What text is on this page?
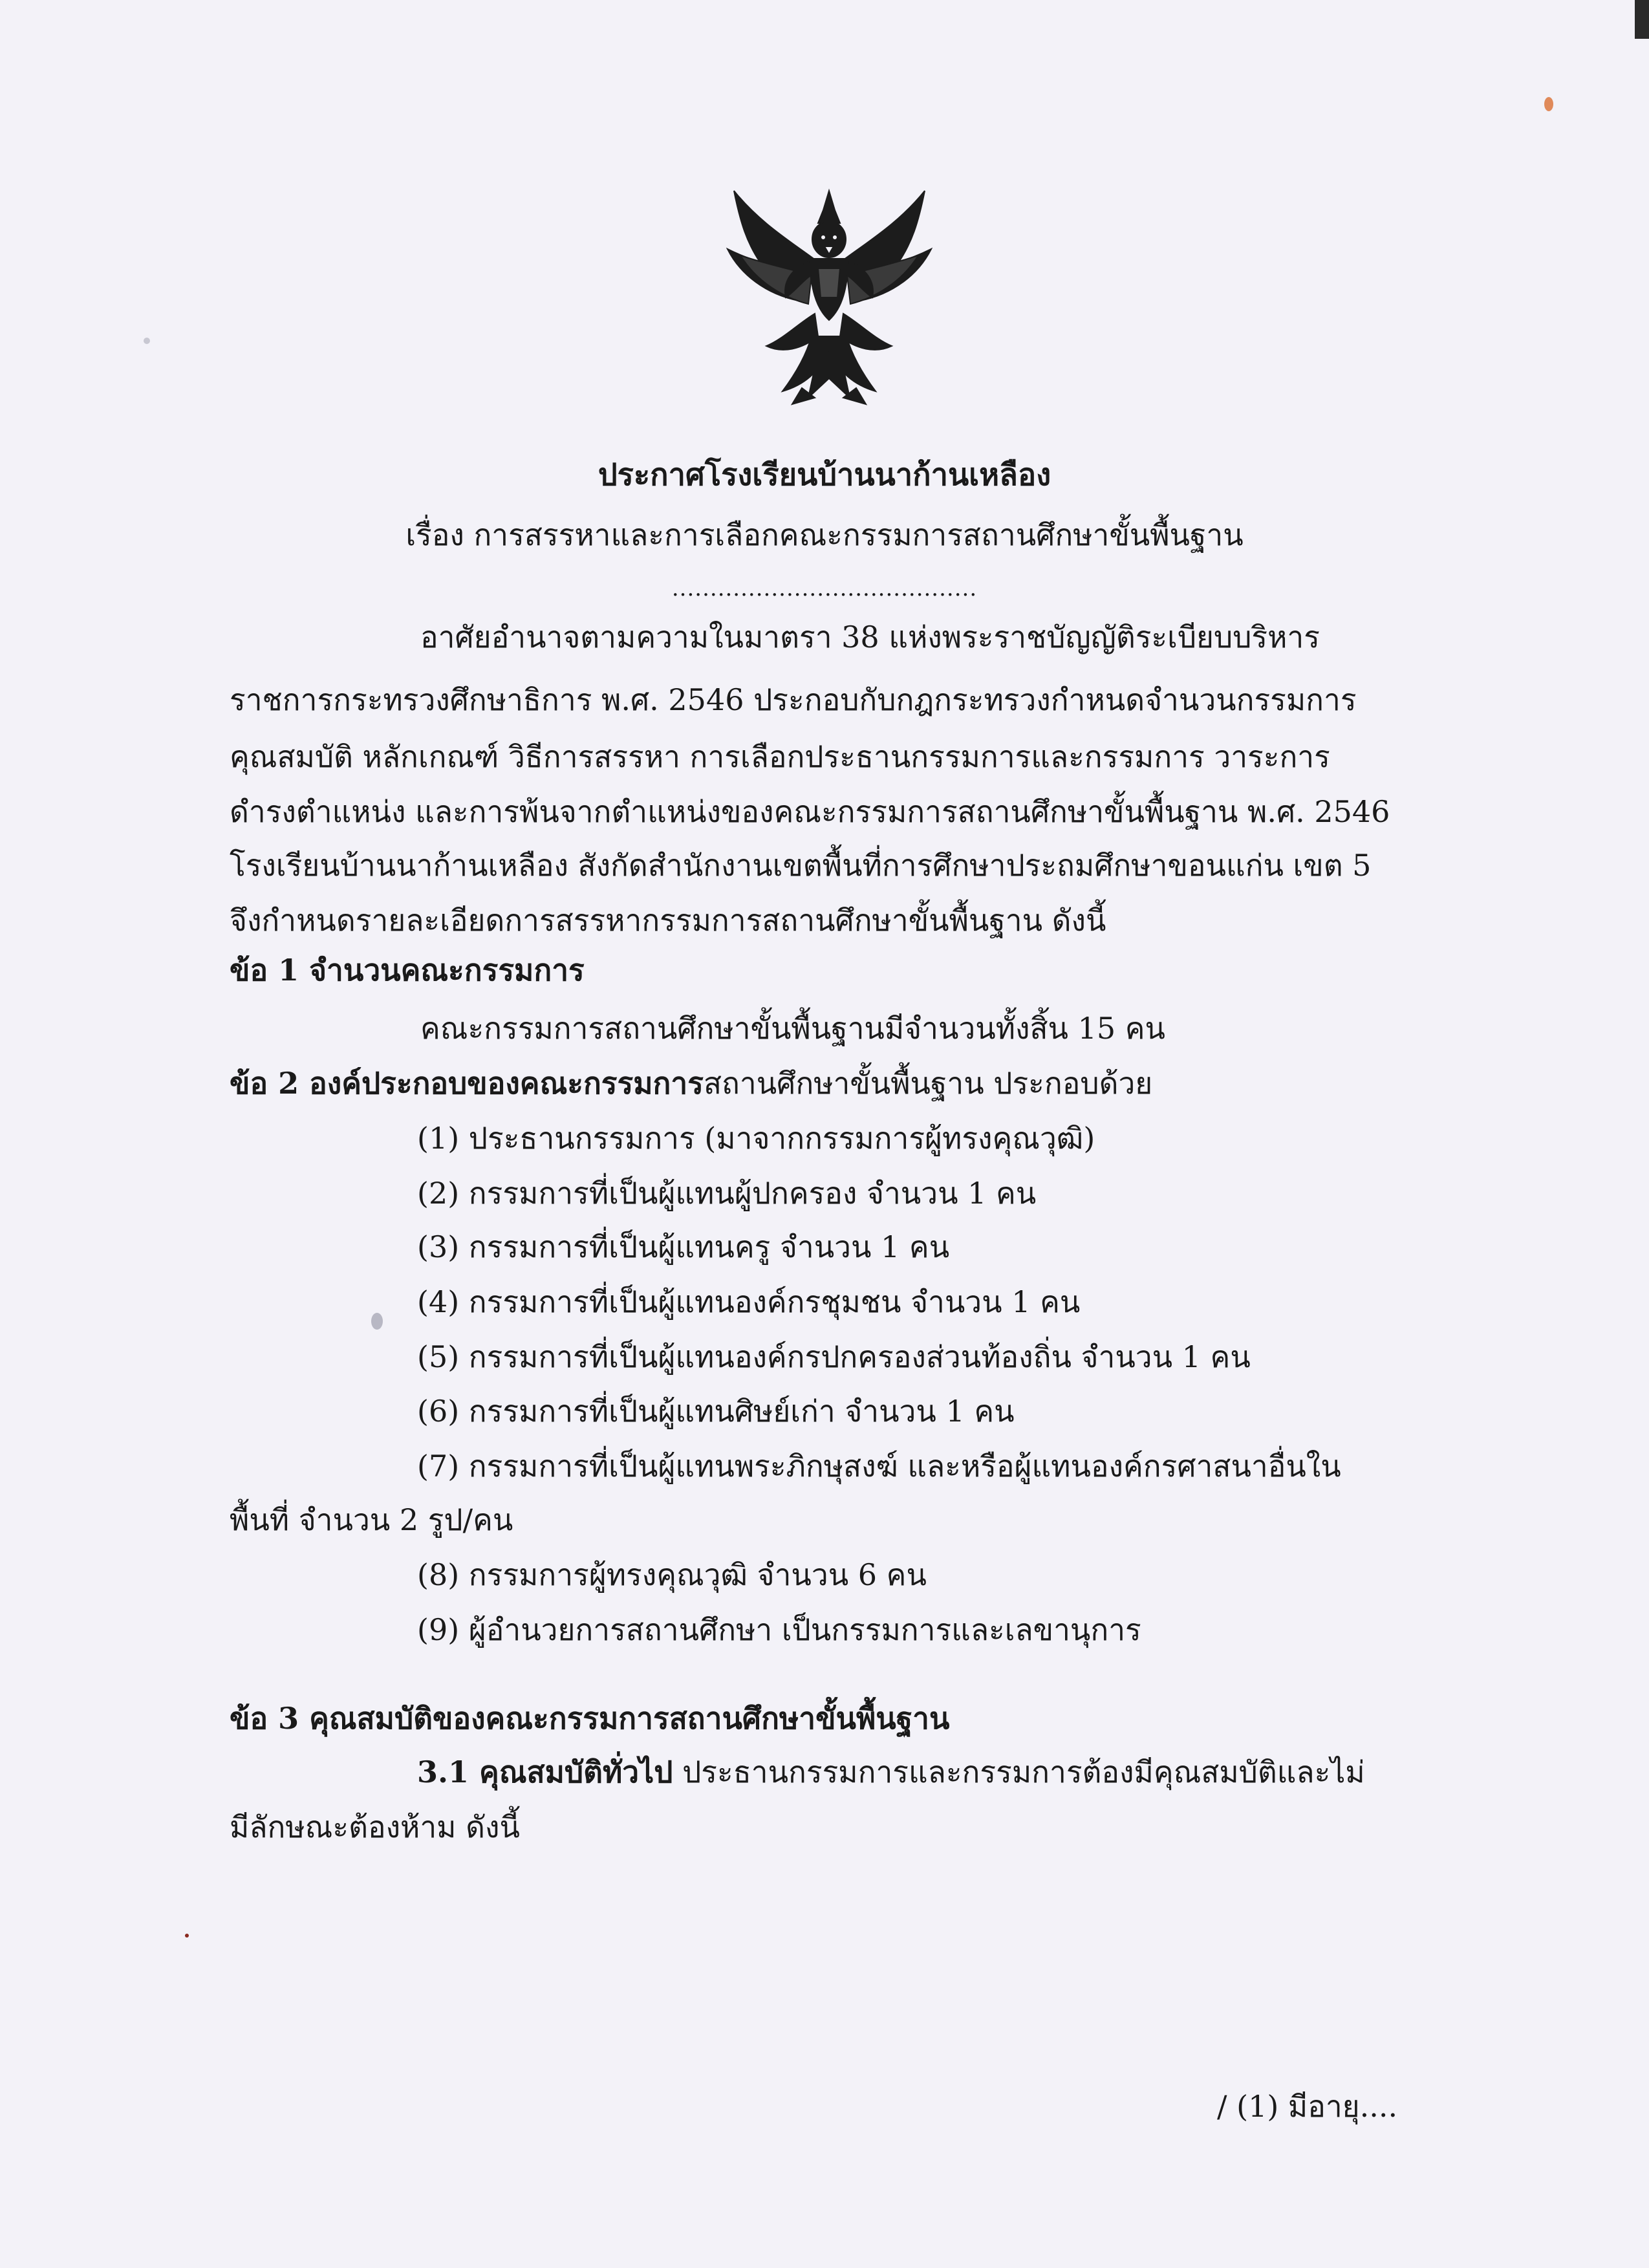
ประกาศโรงเรียนบ้านนาก้านเหลือง
เรื่อง การสรรหาและการเลือกคณะกรรมการสถานศึกษาขั้นพื้นฐาน
........................................
อาศัยอำนาจตามความในมาตรา 38 แห่งพระราชบัญญัติระเบียบบริหาร
ราชการกระทรวงศึกษาธิการ พ.ศ. 2546 ประกอบกับกฎกระทรวงกำหนดจำนวนกรรมการ
คุณสมบัติ หลักเกณฑ์ วิธีการสรรหา การเลือกประธานกรรมการและกรรมการ วาระการ
ดำรงตำแหน่ง และการพ้นจากตำแหน่งของคณะกรรมการสถานศึกษาขั้นพื้นฐาน พ.ศ. 2546
โรงเรียนบ้านนาก้านเหลือง สังกัดสำนักงานเขตพื้นที่การศึกษาประถมศึกษาขอนแก่น เขต 5
จึงกำหนดรายละเอียดการสรรหากรรมการสถานศึกษาขั้นพื้นฐาน ดังนี้
ข้อ 1 จำนวนคณะกรรมการ
คณะกรรมการสถานศึกษาขั้นพื้นฐานมีจำนวนทั้งสิ้น 15 คน
ข้อ 2 องค์ประกอบของคณะกรรมการสถานศึกษาขั้นพื้นฐาน ประกอบด้วย
(1) ประธานกรรมการ (มาจากกรรมการผู้ทรงคุณวุฒิ)
(2) กรรมการที่เป็นผู้แทนผู้ปกครอง จำนวน 1 คน
(3) กรรมการที่เป็นผู้แทนครู จำนวน 1 คน
(4) กรรมการที่เป็นผู้แทนองค์กรชุมชน จำนวน 1 คน
(5) กรรมการที่เป็นผู้แทนองค์กรปกครองส่วนท้องถิ่น จำนวน 1 คน
(6) กรรมการที่เป็นผู้แทนศิษย์เก่า จำนวน 1 คน
(7) กรรมการที่เป็นผู้แทนพระภิกษุสงฆ์ และหรือผู้แทนองค์กรศาสนาอื่นใน
พื้นที่ จำนวน 2 รูป/คน
(8) กรรมการผู้ทรงคุณวุฒิ จำนวน 6 คน
(9) ผู้อำนวยการสถานศึกษา เป็นกรรมการและเลขานุการ
ข้อ 3 คุณสมบัติของคณะกรรมการสถานศึกษาขั้นพื้นฐาน
3.1 คุณสมบัติทั่วไป ประธานกรรมการและกรรมการต้องมีคุณสมบัติและไม่
มีลักษณะต้องห้าม ดังนี้
/ (1) มีอายุ....
